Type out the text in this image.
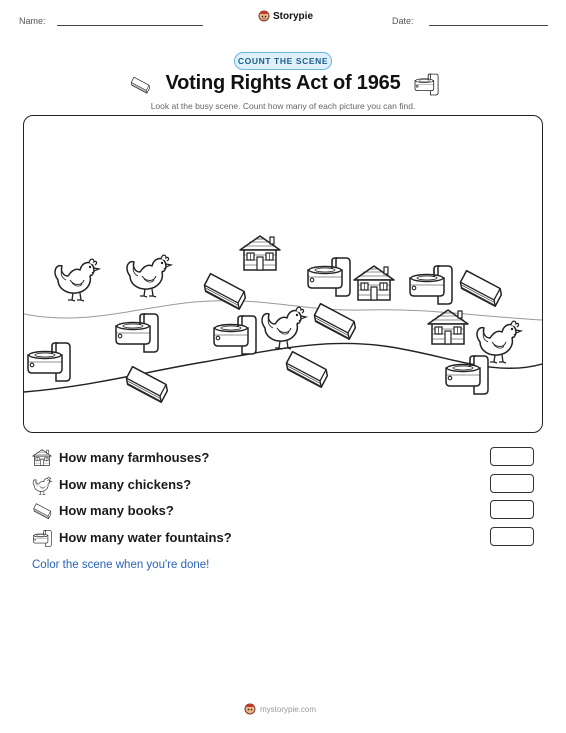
Name:	Storypie	Date:
COUNT THE SCENE
Voting Rights Act of 1965
Look at the busy scene. Count how many of each picture you can find.
How many farmhouses?
How many chickens?
How many books?
How many water fountains?
Color the scene when you're done!
mystorypie.com
